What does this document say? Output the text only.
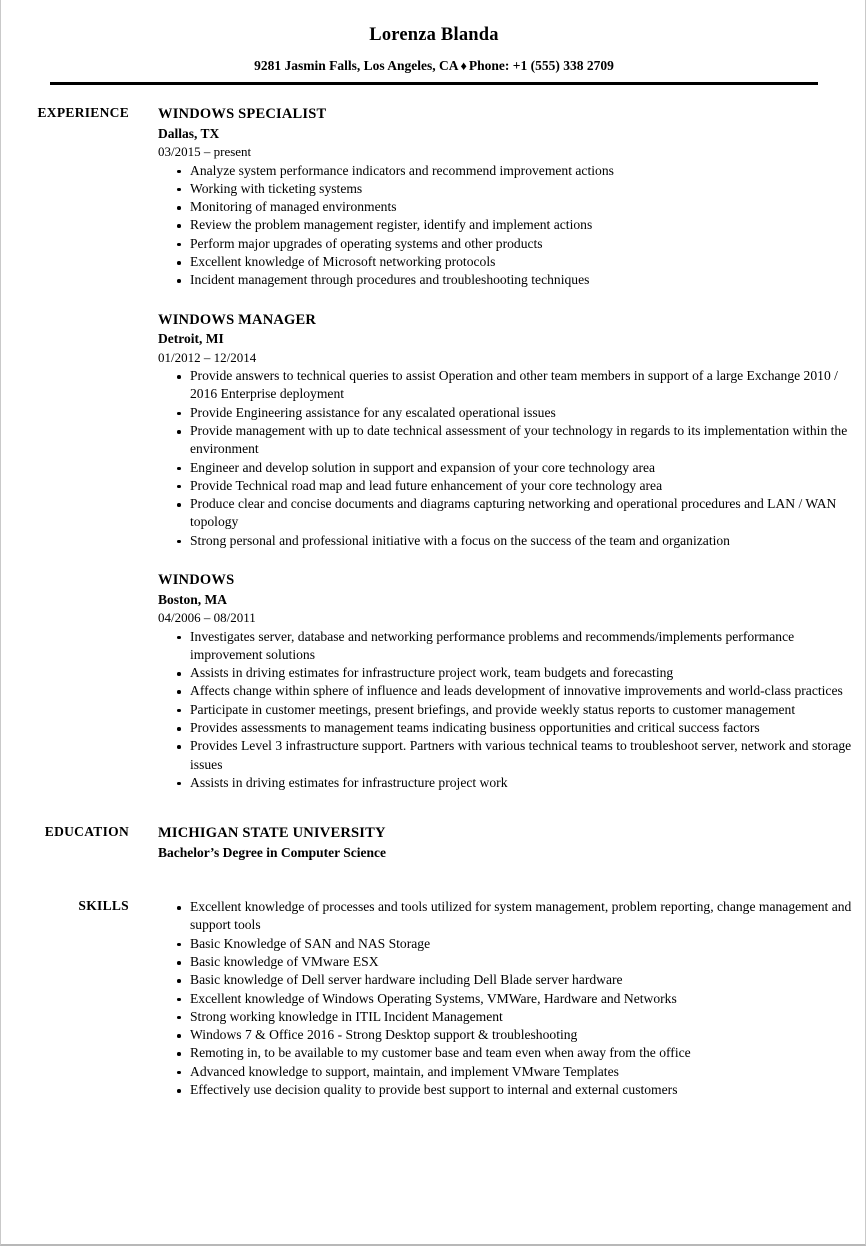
Lorenza Blanda
9281 Jasmin Falls, Los Angeles, CA ♦ Phone: +1 (555) 338 2709
EXPERIENCE WINDOWS SPECIALIST
Dallas, TX
03/2015 – present
Analyze system performance indicators and recommend improvement actions
Working with ticketing systems
Monitoring of managed environments
Review the problem management register, identify and implement actions
Perform major upgrades of operating systems and other products
Excellent knowledge of Microsoft networking protocols
Incident management through procedures and troubleshooting techniques
WINDOWS MANAGER
Detroit, MI
01/2012 – 12/2014
Provide answers to technical queries to assist Operation and other team members in support of a large Exchange 2010 / 2016 Enterprise deployment
Provide Engineering assistance for any escalated operational issues
Provide management with up to date technical assessment of your technology in regards to its implementation within the environment
Engineer and develop solution in support and expansion of your core technology area
Provide Technical road map and lead future enhancement of your core technology area
Produce clear and concise documents and diagrams capturing networking and operational procedures and LAN / WAN topology
Strong personal and professional initiative with a focus on the success of the team and organization
WINDOWS
Boston, MA
04/2006 – 08/2011
Investigates server, database and networking performance problems and recommends/implements performance improvement solutions
Assists in driving estimates for infrastructure project work, team budgets and forecasting
Affects change within sphere of influence and leads development of innovative improvements and world-class practices
Participate in customer meetings, present briefings, and provide weekly status reports to customer management
Provides assessments to management teams indicating business opportunities and critical success factors
Provides Level 3 infrastructure support. Partners with various technical teams to troubleshoot server, network and storage issues
Assists in driving estimates for infrastructure project work
EDUCATION MICHIGAN STATE UNIVERSITY
Bachelor’s Degree in Computer Science
SKILLS	Excellent knowledge of processes and tools utilized for system management, problem reporting, change management and support tools
Basic Knowledge of SAN and NAS Storage
Basic knowledge of VMware ESX
Basic knowledge of Dell server hardware including Dell Blade server hardware
Excellent knowledge of Windows Operating Systems, VMWare, Hardware and Networks
Strong working knowledge in ITIL Incident Management
Windows 7 & Office 2016 - Strong Desktop support & troubleshooting
Remoting in, to be available to my customer base and team even when away from the office
Advanced knowledge to support, maintain, and implement VMware Templates
Effectively use decision quality to provide best support to internal and external customers
